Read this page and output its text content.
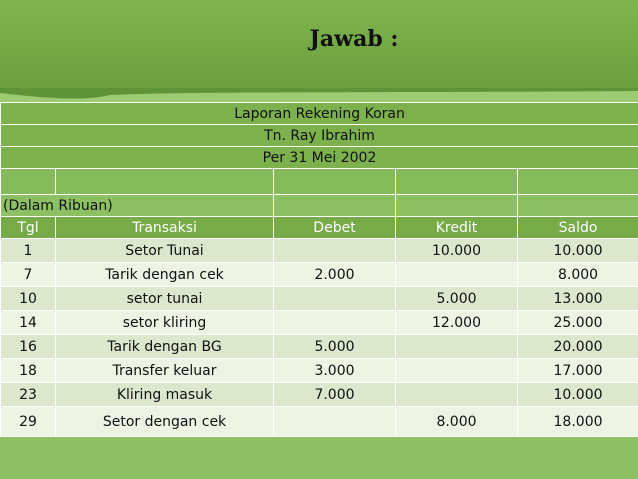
Jawab :
Laporan Rekening Koran				
Tn. Ray Ibrahim				
Per 31 Mei 2002				

(Dalam Ribuan)				
Tgl	Transaksi	Debet	Kredit	Saldo
1	Setor Tunai		10.000	10.000
7	Tarik dengan cek	2.000		8.000
10	setor tunai		5.000	13.000
14	setor kliring		12.000	25.000
16	Tarik dengan BG	5.000		20.000
18	Transfer keluar	3.000		17.000
23	Kliring masuk	7.000		10.000
29	Setor dengan cek		8.000	18.000
